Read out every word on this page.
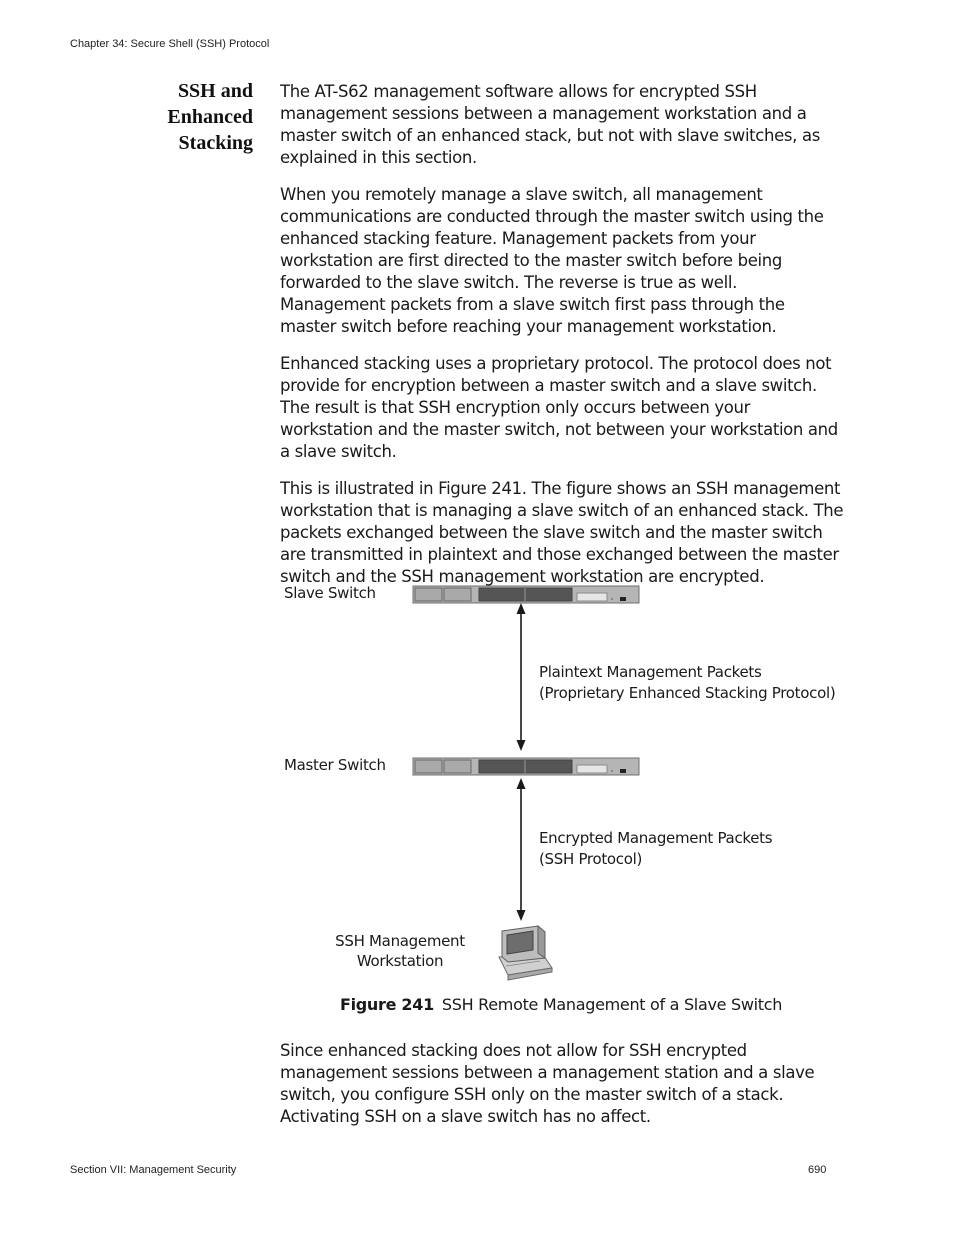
Chapter 34: Secure Shell (SSH) Protocol
SSH and
Enhanced
Stacking

The AT-S62 management software allows for encrypted SSH management sessions between a management workstation and a master switch of an enhanced stack, but not with slave switches, as explained in this section.

When you remotely manage a slave switch, all management communications are conducted through the master switch using the enhanced stacking feature. Management packets from your workstation are first directed to the master switch before being forwarded to the slave switch. The reverse is true as well. Management packets from a slave switch first pass through the master switch before reaching your management workstation.

Enhanced stacking uses a proprietary protocol. The protocol does not provide for encryption between a master switch and a slave switch. The result is that SSH encryption only occurs between your workstation and the master switch, not between your workstation and a slave switch.

This is illustrated in Figure 241. The figure shows an SSH management workstation that is managing a slave switch of an enhanced stack. The packets exchanged between the slave switch and the master switch are transmitted in plaintext and those exchanged between the master switch and the SSH management workstation are encrypted.

Slave Switch
Master Switch
Plaintext Management Packets
(Proprietary Enhanced Stacking Protocol)
Encrypted Management Packets
(SSH Protocol)
SSH Management
Workstation
Figure 241 SSH Remote Management of a Slave Switch

Since enhanced stacking does not allow for SSH encrypted management sessions between a management station and a slave switch, you configure SSH only on the master switch of a stack. Activating SSH on a slave switch has no affect.

Section VII: Management Security	690
